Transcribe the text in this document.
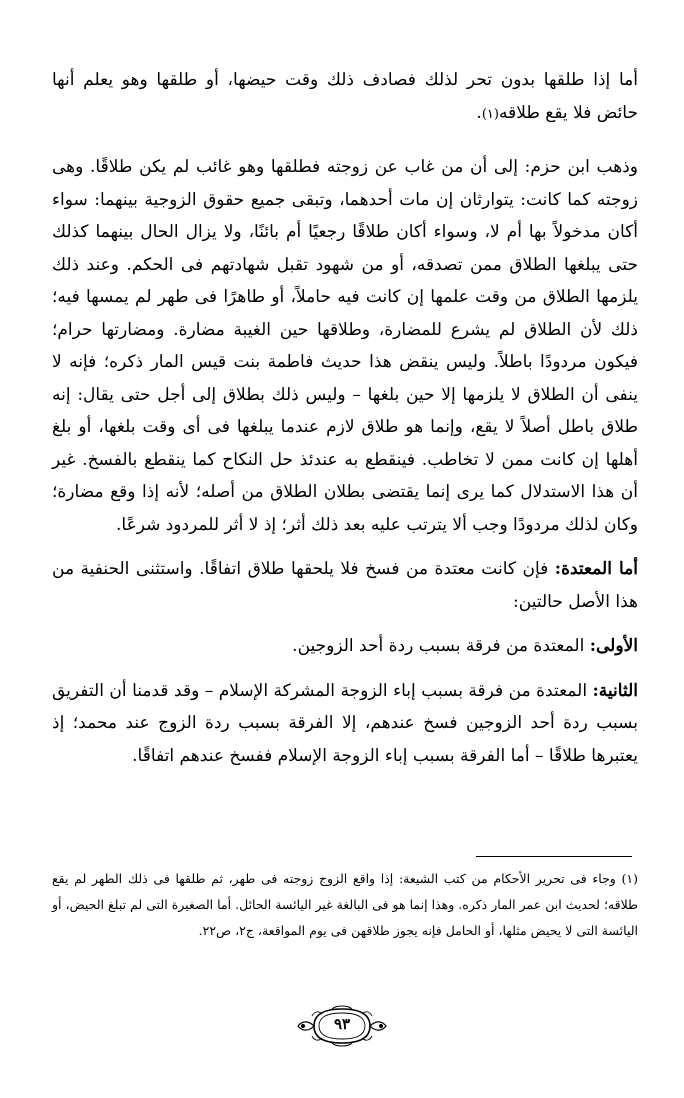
أما إذا طلقها بدون تحر لذلك فصادف ذلك وقت حيضها، أو طلقها وهو يعلم أنها حائض فلا يقع طلاقه(١).

وذهب ابن حزم: إلى أن من غاب عن زوجته فطلقها وهو غائب لم يكن طلاقًا. وهى زوجته كما كانت: يتوارثان إن مات أحدهما، وتبقى جميع حقوق الزوجية بينهما: سواء أكان مدخولاً بها أم لا، وسواء أكان طلاقًا رجعيًا أم بائنًا، ولا يزال الحال بينهما كذلك حتى يبلغها الطلاق ممن تصدقه، أو من شهود تقبل شهادتهم فى الحكم. وعند ذلك يلزمها الطلاق من وقت علمها إن كانت فيه حاملاً، أو طاهرًا فى طهر لم يمسها فيه؛ ذلك لأن الطلاق لم يشرع للمضارة، وطلاقها حين الغيبة مضارة. ومضارتها حرام؛ فيكون مردودًا باطلاً. وليس ينقض هذا حديث فاطمة بنت قيس المار ذكره؛ فإنه لا ينفى أن الطلاق لا يلزمها إلا حين بلغها – وليس ذلك بطلاق إلى أجل حتى يقال: إنه طلاق باطل أصلاً لا يقع، وإنما هو طلاق لازم عندما يبلغها فى أى وقت بلغها، أو بلغ أهلها إن كانت ممن لا تخاطب. فينقطع به عندئذ حل النكاح كما ينقطع بالفسخ. غير أن هذا الاستدلال كما يرى إنما يقتضى بطلان الطلاق من أصله؛ لأنه إذا وقع مضارة؛ وكان لذلك مردودًا وجب ألا يترتب عليه بعد ذلك أثر؛ إذ لا أثر للمردود شرعًا.

أما المعتدة: فإن كانت معتدة من فسخ فلا يلحقها طلاق اتفاقًا. واستثنى الحنفية من هذا الأصل حالتين:

الأولى: المعتدة من فرقة بسبب ردة أحد الزوجين.

الثانية: المعتدة من فرقة بسبب إباء الزوجة المشركة الإسلام – وقد قدمنا أن التفريق بسبب ردة أحد الزوجين فسخ عندهم، إلا الفرقة بسبب ردة الزوج عند محمد؛ إذ يعتبرها طلاقًا – أما الفرقة بسبب إباء الزوجة الإسلام ففسخ عندهم اتفاقًا.

(١) وجاء فى تحرير الأحكام من كتب الشيعة: إذا واقع الزوج زوجته فى طهر، ثم طلقها فى ذلك الطهر لم يقع طلاقه؛ لحديث ابن عمر المار ذكره. وهذا إنما هو فى البالغة غير اليائسة الحائل. أما الصغيرة التى لم تبلغ الحيض، أو اليائسة التى لا يحيض مثلها، أو الحامل فإنه يجوز طلاقهن فى يوم المواقعة، ج٢، ص٢٢.
٩٣
